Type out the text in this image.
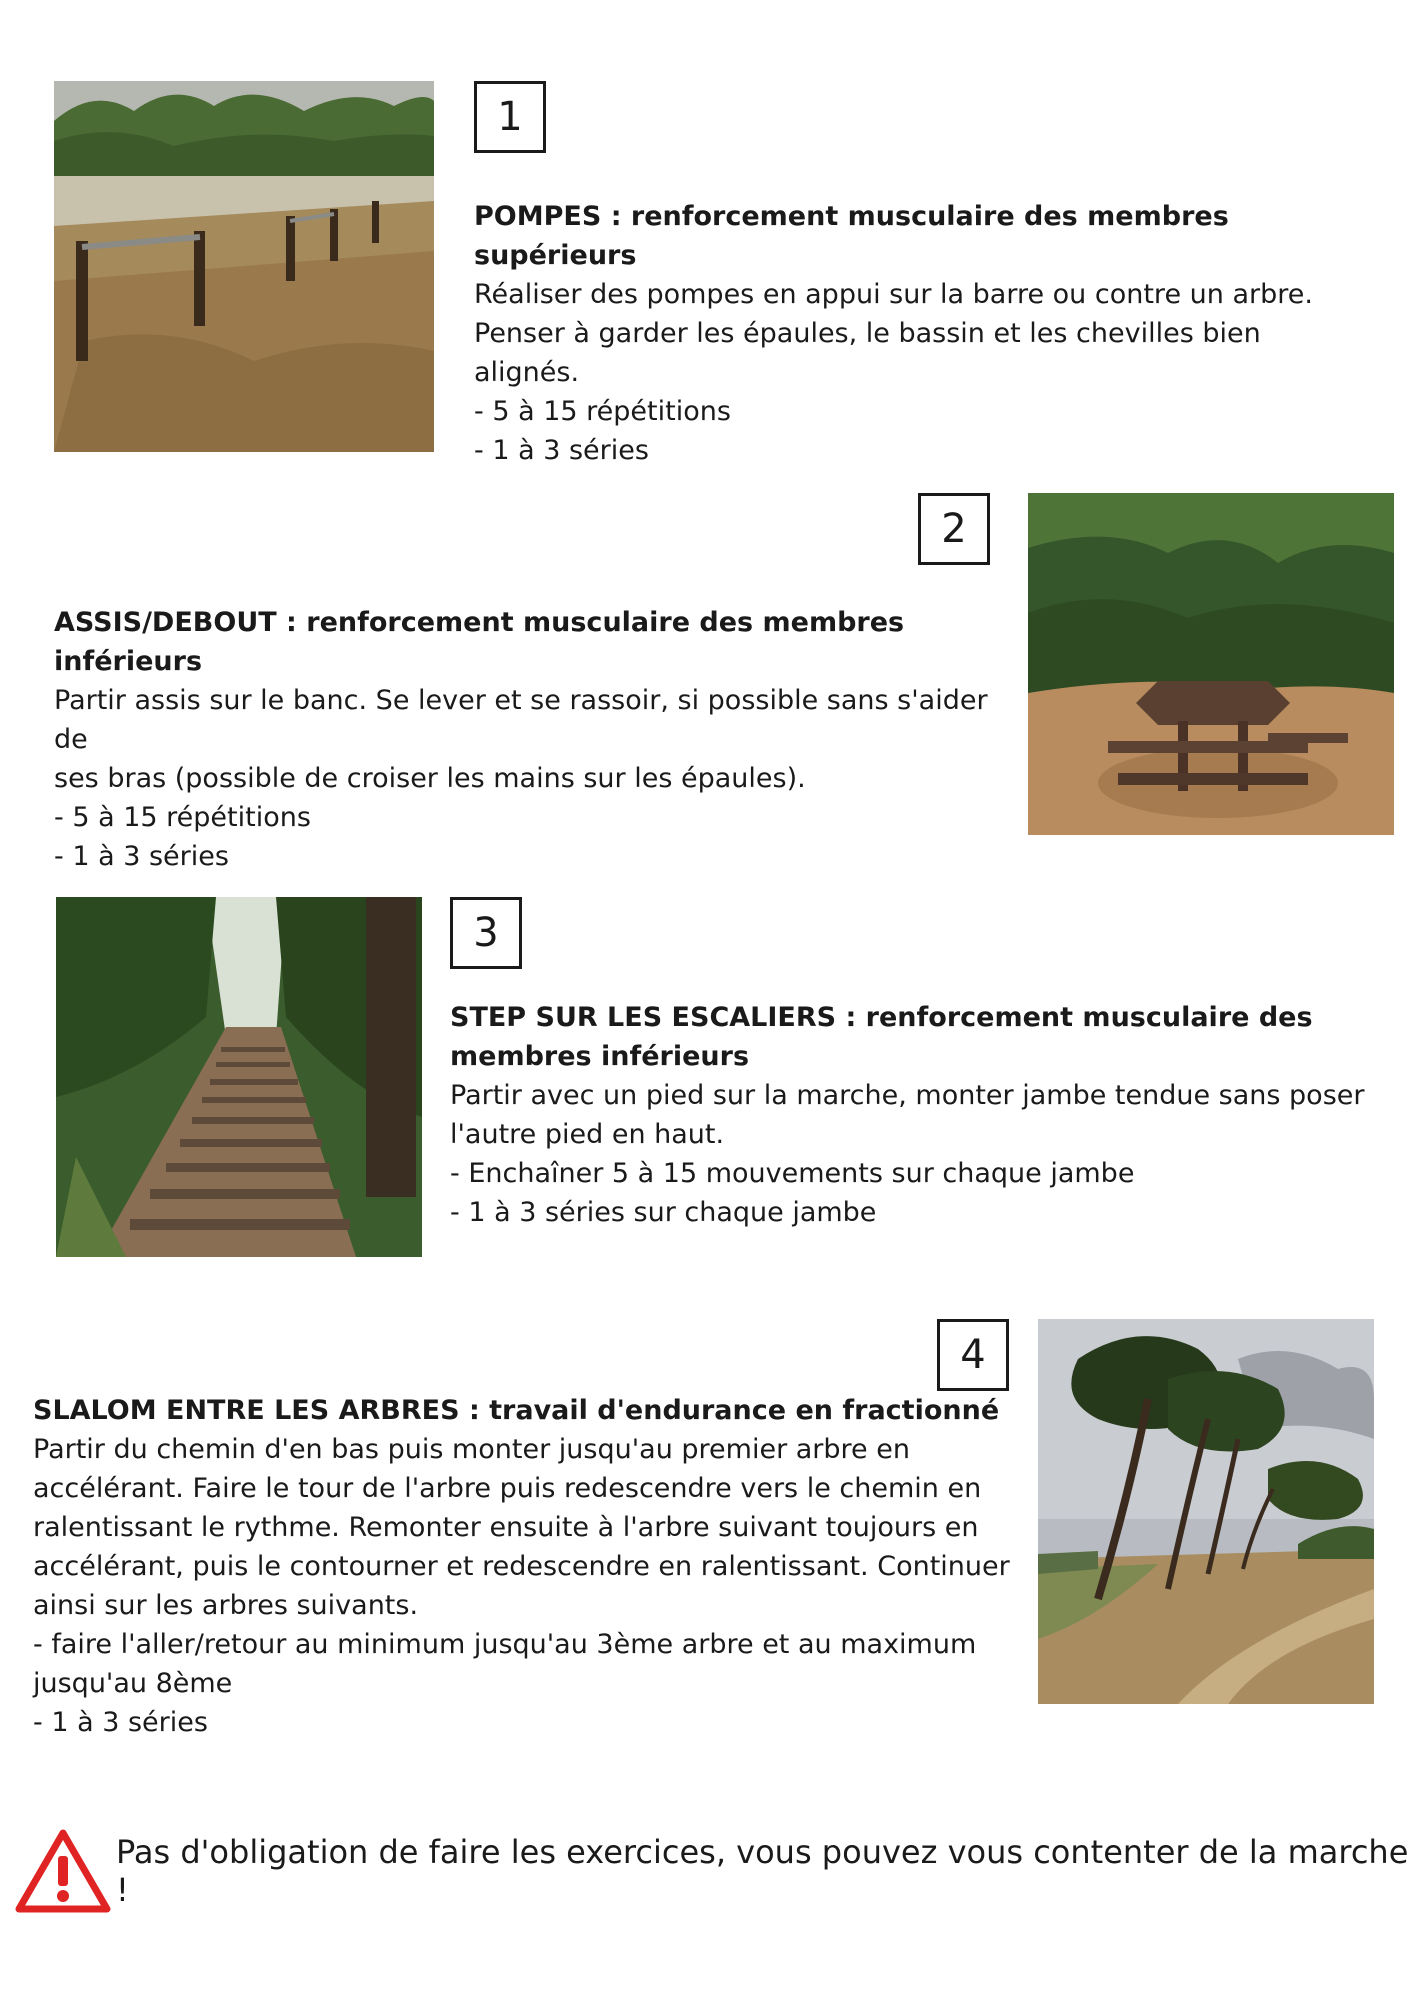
1
POMPES : renforcement musculaire des membres supérieurs
Réaliser des pompes en appui sur la barre ou contre un arbre.
Penser à garder les épaules, le bassin et les chevilles bien alignés.
- 5 à 15 répétitions
- 1 à 3 séries
2
ASSIS/DEBOUT : renforcement musculaire des membres inférieurs
Partir assis sur le banc. Se lever et se rassoir, si possible sans s'aider de
ses bras (possible de croiser les mains sur les épaules).
- 5 à 15 répétitions
- 1 à 3 séries
3
STEP SUR LES ESCALIERS : renforcement musculaire des
membres inférieurs
Partir avec un pied sur la marche, monter jambe tendue sans poser
l'autre pied en haut.
- Enchaîner 5 à 15 mouvements sur chaque jambe
- 1 à 3 séries sur chaque jambe
4
SLALOM ENTRE LES ARBRES : travail d'endurance en fractionné
Partir du chemin d'en bas puis monter jusqu'au premier arbre en
accélérant. Faire le tour de l'arbre puis redescendre vers le chemin en
ralentissant le rythme. Remonter ensuite à l'arbre suivant toujours en
accélérant, puis le contourner et redescendre en ralentissant. Continuer
ainsi sur les arbres suivants.
- faire l'aller/retour au minimum jusqu'au 3ème arbre et au maximum
jusqu'au 8ème
- 1 à 3 séries
Pas d'obligation de faire les exercices, vous pouvez vous contenter de la marche !
